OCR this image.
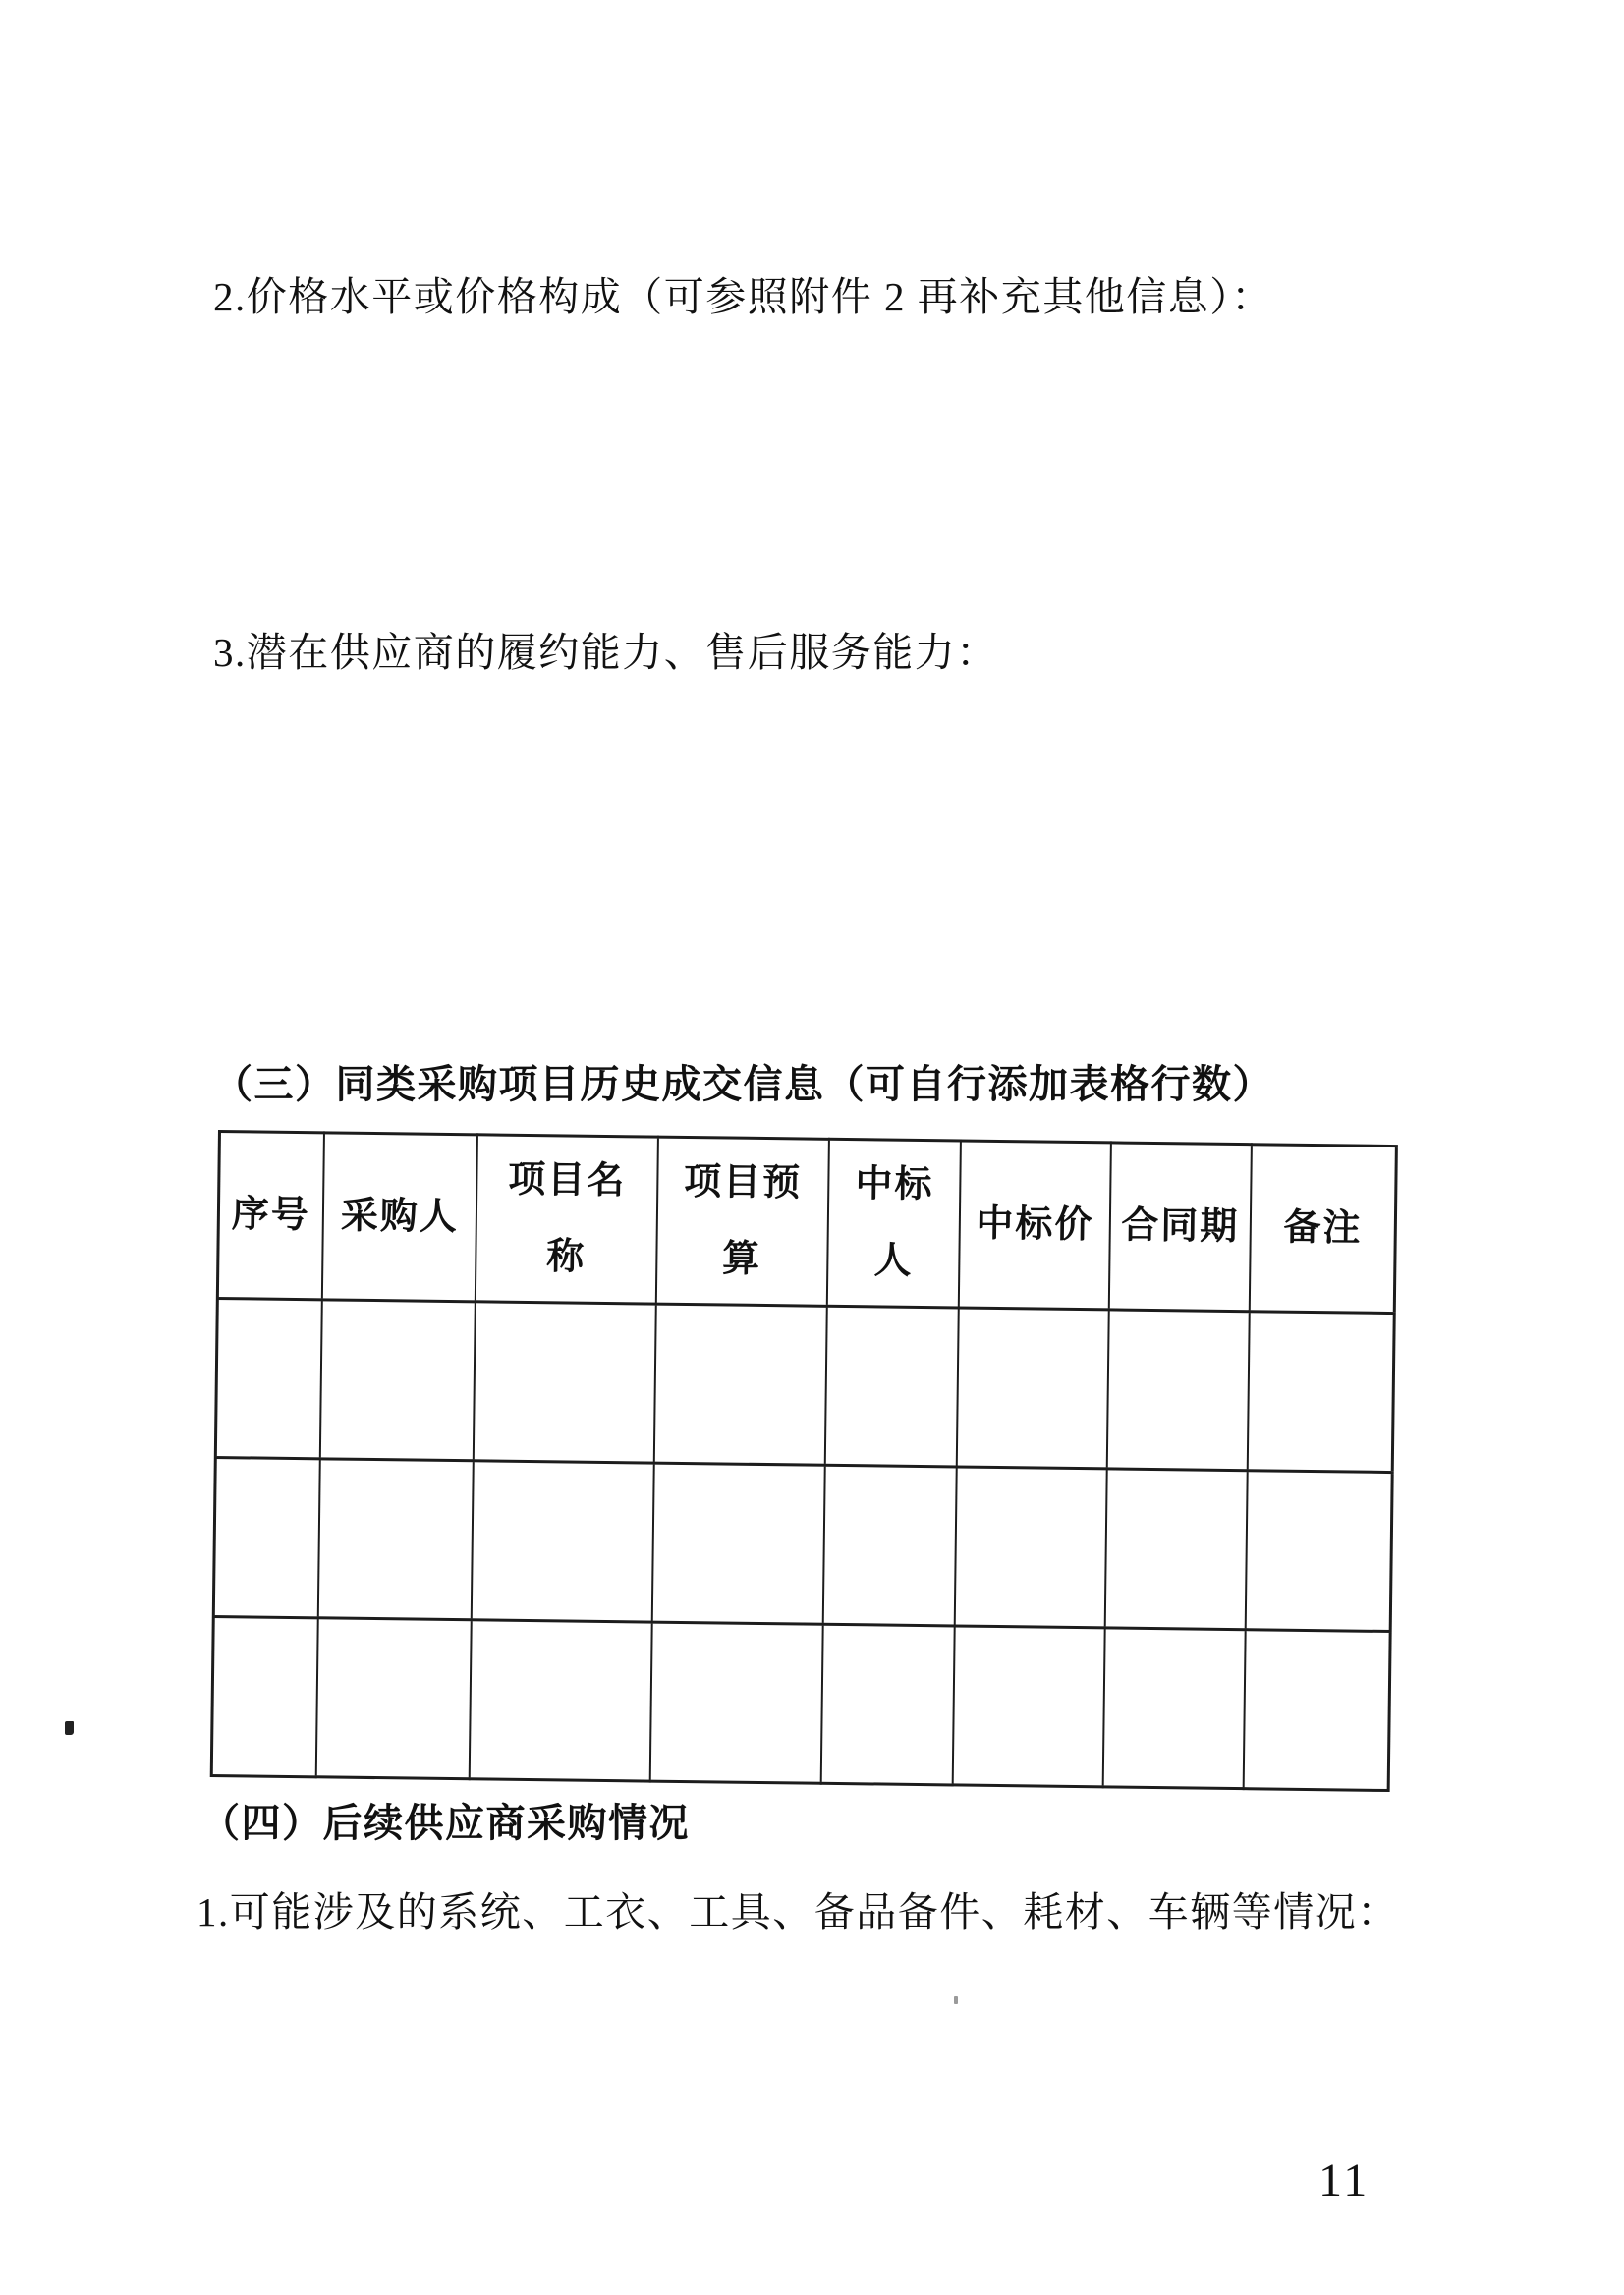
2.价格水平或价格构成（可参照附件 2 再补充其他信息）：
3.潜在供应商的履约能力、售后服务能力：
（三）同类采购项目历史成交信息（可自行添加表格行数）
序号	采购人	项目名称	项目预算	中标人	中标价	合同期	备注

（四）后续供应商采购情况
1.可能涉及的系统、工衣、工具、备品备件、耗材、车辆等情况：
11
